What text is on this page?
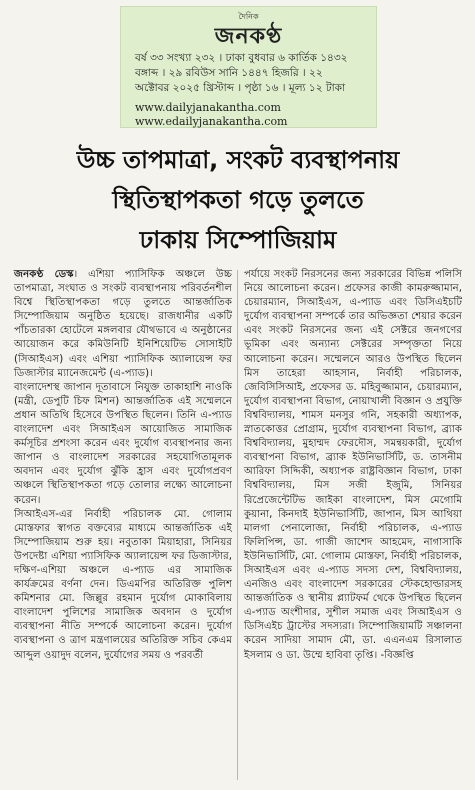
দৈনিক
জনকণ্ঠ
বর্ষ ৩৩ সংখ্যা ২৩২ । ঢাকা বুধবার ৬ কার্তিক ১৪৩২
বঙ্গাব্দ । ২৯ রবিউস সানি ১৪৪৭ হিজরি । ২২
অক্টোবর ২০২৫ খ্রিস্টাব্দ । পৃষ্ঠা ১৬ । মূল্য ১২ টাকা
www.dailyjanakantha.com
www.edailyjanakantha.com
উচ্চ তাপমাত্রা, সংকট ব্যবস্থাপনায়
স্থিতিস্থাপকতা গড়ে তুলতে
ঢাকায় সিম্পোজিয়াম

জনকণ্ঠ ডেস্ক। এশিয়া প্যাসিফিক অঞ্চলে উচ্চ তাপমাত্রা, সংঘাত ও সংকট ব্যবস্থাপনায় পরিবর্তনশীল বিশ্বে স্থিতিস্থাপকতা গড়ে তুলতে আন্তর্জাতিক সিম্পোজিয়াম অনুষ্ঠিত হয়েছে। রাজধানীর একটি পাঁচতারকা হোটেলে মঙ্গলবার যৌথভাবে এ অনুষ্ঠানের আয়োজন করে কমিউনিটি ইনিশিয়েটিভ সোসাইটি (সিআইএস) এবং এশিয়া প্যাসিফিক অ্যালায়েন্স ফর ডিজাস্টার ম্যানেজমেন্ট (এ-প্যাড)।

বাংলাদেশস্থ জাপান দূতাবাসে নিযুক্ত তাকাহাশি নাওকি (মন্ত্রী, ডেপুটি চিফ মিশন) আন্তর্জাতিক এই সম্মেলনে প্রধান অতিথি হিসেবে উপস্থিত ছিলেন। তিনি এ-প্যাড বাংলাদেশ এবং সিআইএস আয়োজিত সামাজিক কর্মসূচির প্রশংসা করেন এবং দুর্যোগ ব্যবস্থাপনার জন্য জাপান ও বাংলাদেশ সরকারের সহযোগিতামূলক অবদান এবং দুর্যোগ ঝুঁকি হ্রাস এবং দুর্যোগপ্রবণ অঞ্চলে স্থিতিস্থাপকতা গড়ে তোলার লক্ষ্যে আলোচনা করেন।

সিআইএস-এর নির্বাহী পরিচালক মো. গোলাম মোস্তফার স্বাগত বক্তব্যের মাধ্যমে আন্তর্জাতিক এই সিম্পোজিয়াম শুরু হয়। নবুতাকা মিয়াহারা, সিনিয়র উপদেষ্টা এশিয়া প্যাসিফিক অ্যালায়েন্স ফর ডিজাস্টার, দক্ষিণ-এশিয়া অঞ্চলে এ-প্যাড এর সামাজিক কার্যক্রমের বর্ণনা দেন। ডিএমপির অতিরিক্ত পুলিশ কমিশনার মো. জিল্লুর রহমান দুর্যোগ মোকাবিলায় বাংলাদেশ পুলিশের সামাজিক অবদান ও দুর্যোগ ব্যবস্থাপনা নীতি সম্পর্কে আলোচনা করেন। দুর্যোগ ব্যবস্থাপনা ও ত্রাণ মন্ত্রণালয়ের অতিরিক্ত সচিব কেএম আব্দুল ওয়াদুদ বলেন, দুর্যোগের সময় ও পরবর্তী

পর্যায়ে সংকট নিরসনের জন্য সরকারের বিভিন্ন পলিসি নিয়ে আলোচনা করেন। প্রফেসর কাজী কামরুজ্জামান, চেয়ারম্যান, সিআইএস, এ-প্যাড এবং ডিসিএইচটি দুর্যোগ ব্যবস্থাপনা সম্পর্কে তার অভিজ্ঞতা শেয়ার করেন এবং সংকট নিরসনের জন্য এই সেক্টরে জনগণের ভূমিকা এবং অন্যান্য সেক্টরের সম্পৃক্ততা নিয়ে আলোচনা করেন। সম্মেলনে আরও উপস্থিত ছিলেন মিস তাহেরা আহসান, নির্বাহী পরিচালক, জেবিসিসিআই, প্রফেসর ড. মহিবুজ্জামান, চেয়ারম্যান, দুর্যোগ ব্যবস্থাপনা বিভাগ, নোয়াখালী বিজ্ঞান ও প্রযুক্তি বিশ্ববিদ্যালয়, শামস মনসুর গনি, সহকারী অধ্যাপক, স্নাতকোত্তর প্রোগ্রাম, দুর্যোগ ব্যবস্থাপনা বিভাগ, ব্র্যাক বিশ্ববিদ্যালয়, মুহাম্মদ ফেরদৌস, সমন্বয়কারী, দুর্যোগ ব্যবস্থাপনা বিভাগ, ব্র্যাক ইউনিভার্সিটি, ড. তাসনীম আরিফা সিদ্দিকী, অধ্যাপক রাষ্ট্রবিজ্ঞান বিভাগ, ঢাকা বিশ্ববিদ্যালয়, মিস সজী ইজুমি, সিনিয়র রিপ্রেজেন্টেটিভ জাইকা বাংলাদেশ, মিস মেগোমি কুয়ানা, কিনদাই ইউনিভার্সিটি, জাপান, মিস আথিয়া মালগা পেনালোজা, নির্বাহী পরিচালক, এ-প্যাড ফিলিপিন্স, ডা. গাজী জাশেদ আহমেদ, নাগাসাকি ইউনিভার্সিটি, মো. গোলাম মোস্তফা, নির্বাহী পরিচালক, সিআইএস এবং এ-প্যাড সদস্য দেশ, বিশ্ববিদ্যালয়, এনজিও এবং বাংলাদেশ সরকারের স্টেকহোল্ডারসহ আন্তর্জাতিক ও স্থানীয় প্ল্যাটফর্ম থেকে উপস্থিত ছিলেন এ-প্যাড অংশীদার, সুশীল সমাজ এবং সিআইএস ও ডিসিএইচ ট্রাস্টের সদস্যরা। সিম্পোজিয়ামটি সঞ্চালনা করেন সাদিয়া সামাদ মৌ, ডা. এএনএম রিসালাত ইসলাম ও ডা. উম্মে হাবিবা তৃপ্তি। -বিজ্ঞপ্তি
